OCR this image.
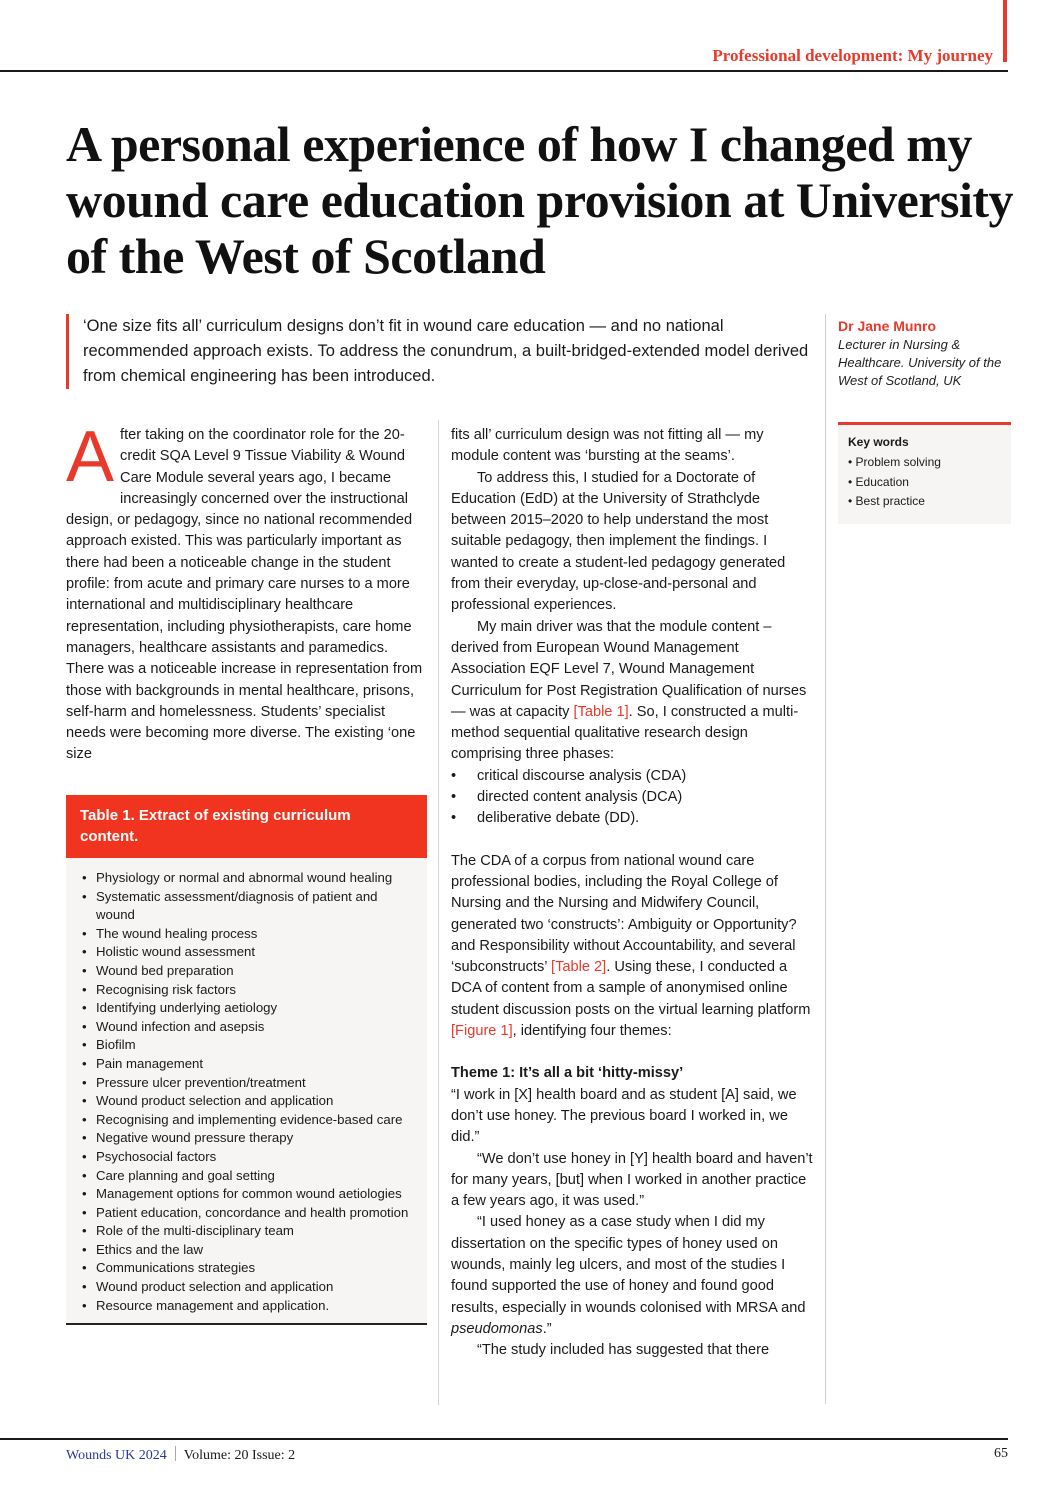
Professional development: My journey
A personal experience of how I changed my wound care education provision at University of the West of Scotland
‘One size fits all’ curriculum designs don’t fit in wound care education — and no national recommended approach exists. To address the conundrum, a built-bridged-extended model derived from chemical engineering has been introduced.
Dr Jane Munro
Lecturer in Nursing & Healthcare. University of the West of Scotland, UK
Key words
• Problem solving
• Education
• Best practice

After taking on the coordinator role for the 20-credit SQA Level 9 Tissue Viability & Wound Care Module several years ago, I became increasingly concerned over the instructional design, or pedagogy, since no national recommended approach existed. This was particularly important as there had been a noticeable change in the student profile: from acute and primary care nurses to a more international and multidisciplinary healthcare representation, including physiotherapists, care home managers, healthcare assistants and paramedics. There was a noticeable increase in representation from those with backgrounds in mental healthcare, prisons, self-harm and homelessness. Students’ specialist needs were becoming more diverse. The existing ‘one size

Table 1. Extract of existing curriculum content.
• Physiology or normal and abnormal wound healing
• Systematic assessment/diagnosis of patient and wound
• The wound healing process
• Holistic wound assessment
• Wound bed preparation
• Recognising risk factors
• Identifying underlying aetiology
• Wound infection and asepsis
• Biofilm
• Pain management
• Pressure ulcer prevention/treatment
• Wound product selection and application
• Recognising and implementing evidence-based care
• Negative wound pressure therapy
• Psychosocial factors
• Care planning and goal setting
• Management options for common wound aetiologies
• Patient education, concordance and health promotion
• Role of the multi-disciplinary team
• Ethics and the law
• Communications strategies
• Wound product selection and application
• Resource management and application.

fits all’ curriculum design was not fitting all — my module content was ‘bursting at the seams’.

To address this, I studied for a Doctorate of Education (EdD) at the University of Strathclyde between 2015–2020 to help understand the most suitable pedagogy, then implement the findings. I wanted to create a student-led pedagogy generated from their everyday, up-close-and-personal and professional experiences.

My main driver was that the module content – derived from European Wound Management Association EQF Level 7, Wound Management Curriculum for Post Registration Qualification of nurses — was at capacity [Table 1]. So, I constructed a multi-method sequential qualitative research design comprising three phases:

• critical discourse analysis (CDA)
• directed content analysis (DCA)
• deliberative debate (DD).

The CDA of a corpus from national wound care professional bodies, including the Royal College of Nursing and the Nursing and Midwifery Council, generated two ‘constructs’: Ambiguity or Opportunity? and Responsibility without Accountability, and several ‘subconstructs’ [Table 2]. Using these, I conducted a DCA of content from a sample of anonymised online student discussion posts on the virtual learning platform [Figure 1], identifying four themes:

Theme 1: It’s all a bit ‘hitty-missy’

“I work in [X] health board and as student [A] said, we don’t use honey. The previous board I worked in, we did.”

“We don’t use honey in [Y] health board and haven’t for many years, [but] when I worked in another practice a few years ago, it was used.”

“I used honey as a case study when I did my dissertation on the specific types of honey used on wounds, mainly leg ulcers, and most of the studies I found supported the use of honey and found good results, especially in wounds colonised with MRSA and pseudomonas.”

“The study included has suggested that there

Wounds UK 2024 Volume: 20 Issue: 2	65
